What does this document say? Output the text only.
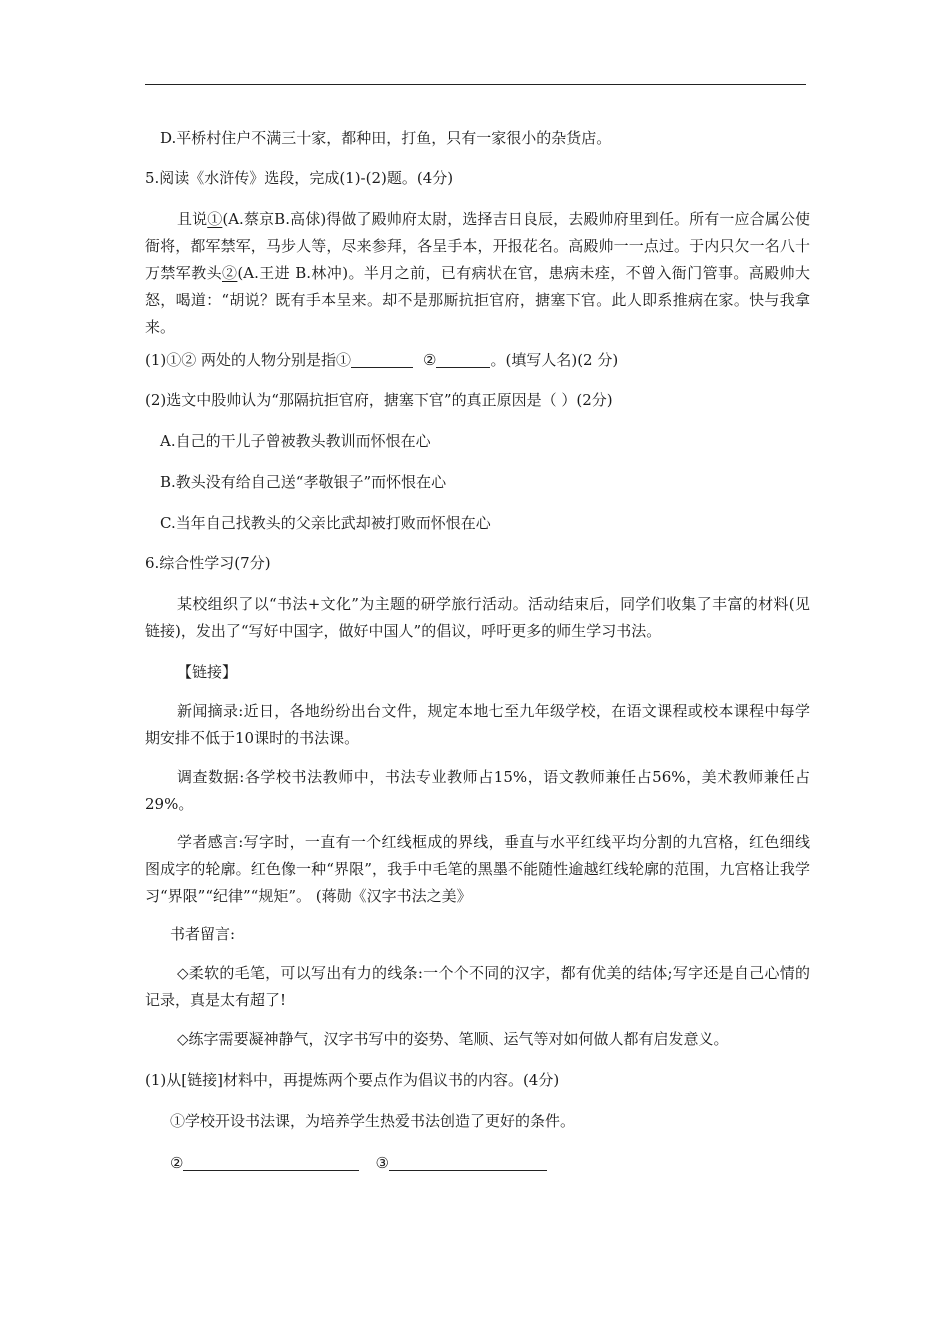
D.平桥村住户不满三十家，都种田，打鱼，只有一家很小的杂货店。
5.阅读《水浒传》选段，完成(1)-(2)题。(4分)
且说①(A.蔡京B.高俅)得做了殿帅府太尉，选择吉日良辰，去殿帅府里到任。所有一应合属公使衙将，都军禁军，马步人等，尽来参拜，各呈手本，开报花名。高殿帅一一点过。于内只欠一名八十万禁军教头②(A.王进 B.林冲)。半月之前，已有病状在官，患病未痊，不曾入衙门管事。高殿帅大怒，喝道：“胡说？既有手本呈来。却不是那厮抗拒官府，搪塞下官。此人即系推病在家。快与我拿来。
(1)①② 两处的人物分别是指①	②	。(填写人名)(2 分)
(2)选文中股帅认为“那隔抗拒官府，搪塞下官”的真正原因是（ ）(2分)
A.自己的干儿子曾被教头教训而怀恨在心
B.教头没有给自己送“孝敬银子”而怀恨在心
C.当年自己找教头的父亲比武却被打败而怀恨在心
6.综合性学习(7分)
某校组织了以“书法+文化”为主题的研学旅行活动。活动结束后，同学们收集了丰富的材料(见链接)，发出了“写好中国字，做好中国人”的倡议，呼吁更多的师生学习书法。
【链接】
新闻摘录:近日，各地纷纷出台文件，规定本地七至九年级学校，在语文课程或校本课程中每学期安排不低于10课时的书法课。
调查数据:各学校书法教师中，书法专业教师占15%，语文教师兼任占56%，美术教师兼任占29%。
学者感言:写字时，一直有一个红线框成的界线，垂直与水平红线平均分割的九宫格，红色细线图成字的轮廓。红色像一种“界限”，我手中毛笔的黑墨不能随性逾越红线轮廓的范围，九宫格让我学习“界限”“纪律”“规矩”。 (蒋勋《汉字书法之美》
书者留言:
◇柔软的毛笔，可以写出有力的线条:一个个不同的汉字，都有优美的结体;写字还是自己心情的记录，真是太有超了!
◇练字需要凝神静气，汉字书写中的姿势、笔顺、运气等对如何做人都有启发意义。
(1)从[链接]材料中，再提炼两个要点作为倡议书的内容。(4分)
①学校开设书法课，为培养学生热爱书法创造了更好的条件。
②	③
